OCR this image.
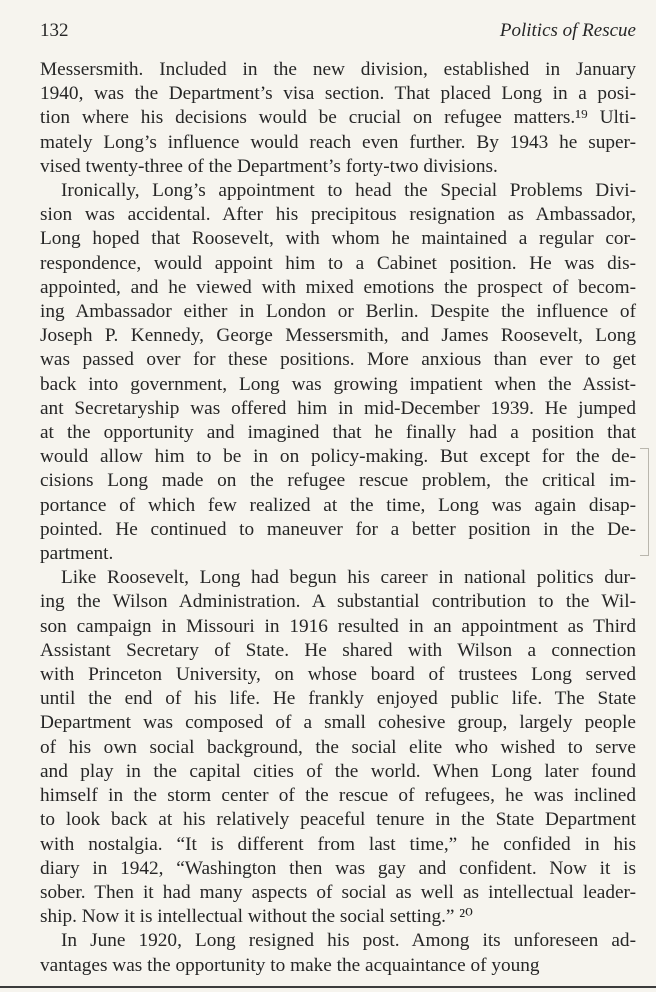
132	Politics of Rescue
Messersmith. Included in the new division, established in January
1940, was the Department’s visa section. That placed Long in a posi-
tion where his decisions would be crucial on refugee matters.¹⁹ Ulti-
mately Long’s influence would reach even further. By 1943 he super-
vised twenty-three of the Department’s forty-two divisions.
Ironically, Long’s appointment to head the Special Problems Divi-
sion was accidental. After his precipitous resignation as Ambassador,
Long hoped that Roosevelt, with whom he maintained a regular cor-
respondence, would appoint him to a Cabinet position. He was dis-
appointed, and he viewed with mixed emotions the prospect of becom-
ing Ambassador either in London or Berlin. Despite the influence of
Joseph P. Kennedy, George Messersmith, and James Roosevelt, Long
was passed over for these positions. More anxious than ever to get
back into government, Long was growing impatient when the Assist-
ant Secretaryship was offered him in mid-December 1939. He jumped
at the opportunity and imagined that he finally had a position that
would allow him to be in on policy-making. But except for the de-
cisions Long made on the refugee rescue problem, the critical im-
portance of which few realized at the time, Long was again disap-
pointed. He continued to maneuver for a better position in the De-
partment.
Like Roosevelt, Long had begun his career in national politics dur-
ing the Wilson Administration. A substantial contribution to the Wil-
son campaign in Missouri in 1916 resulted in an appointment as Third
Assistant Secretary of State. He shared with Wilson a connection
with Princeton University, on whose board of trustees Long served
until the end of his life. He frankly enjoyed public life. The State
Department was composed of a small cohesive group, largely people
of his own social background, the social elite who wished to serve
and play in the capital cities of the world. When Long later found
himself in the storm center of the rescue of refugees, he was inclined
to look back at his relatively peaceful tenure in the State Department
with nostalgia. “It is different from last time,” he confided in his
diary in 1942, “Washington then was gay and confident. Now it is
sober. Then it had many aspects of social as well as intellectual leader-
ship. Now it is intellectual without the social setting.” ²⁰
In June 1920, Long resigned his post. Among its unforeseen ad-
vantages was the opportunity to make the acquaintance of young
